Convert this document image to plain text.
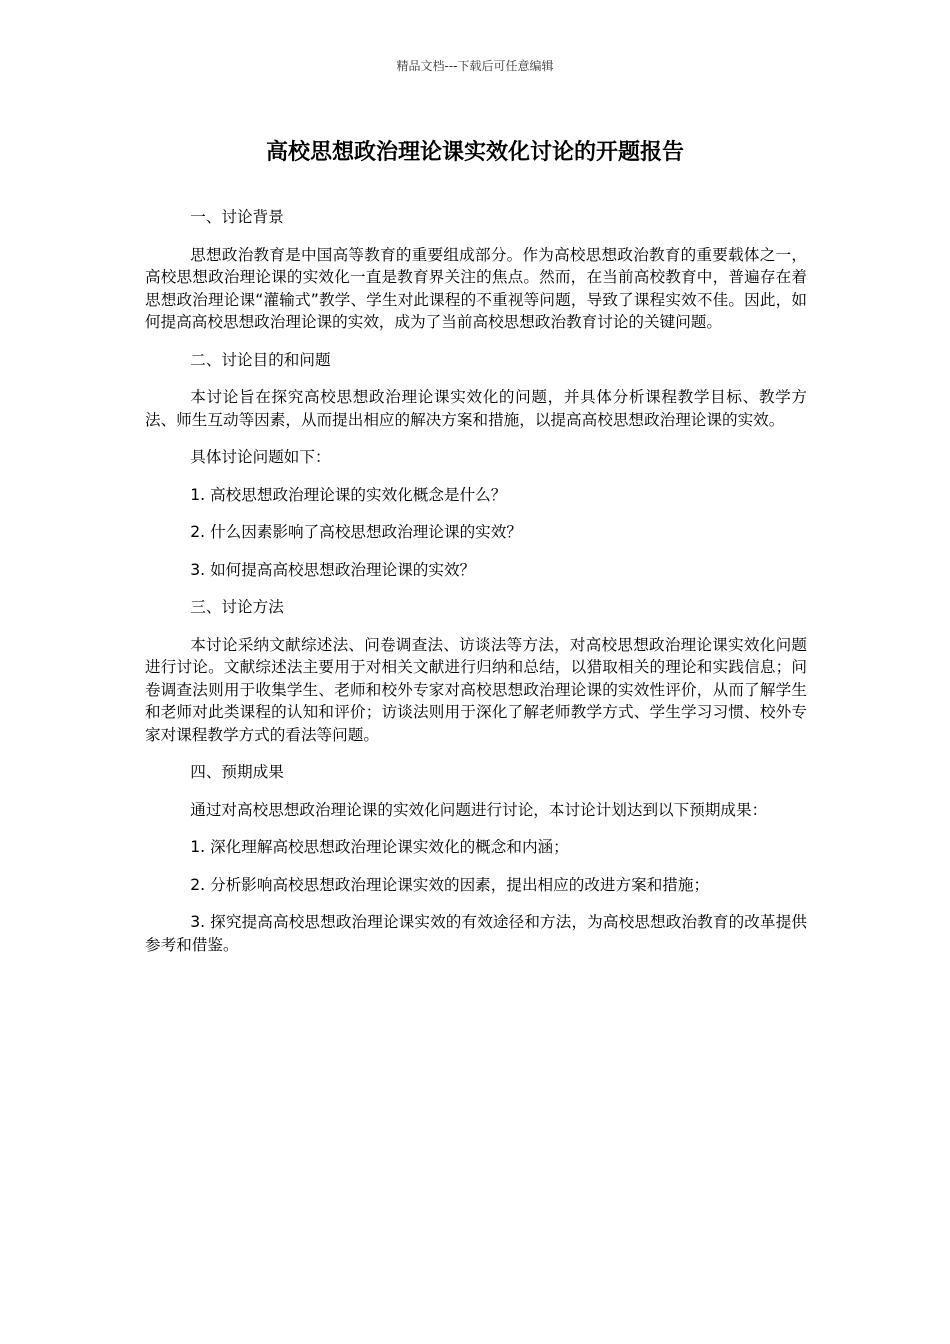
精品文档---下载后可任意编辑
高校思想政治理论课实效化讨论的开题报告

一、讨论背景

思想政治教育是中国高等教育的重要组成部分。作为高校思想政治教育的重要载体之一，高校思想政治理论课的实效化一直是教育界关注的焦点。然而，在当前高校教育中，普遍存在着思想政治理论课“灌输式”教学、学生对此课程的不重视等问题，导致了课程实效不佳。因此，如何提高高校思想政治理论课的实效，成为了当前高校思想政治教育讨论的关键问题。

二、讨论目的和问题

本讨论旨在探究高校思想政治理论课实效化的问题，并具体分析课程教学目标、教学方法、师生互动等因素，从而提出相应的解决方案和措施，以提高高校思想政治理论课的实效。

具体讨论问题如下：

1. 高校思想政治理论课的实效化概念是什么？

2. 什么因素影响了高校思想政治理论课的实效？

3. 如何提高高校思想政治理论课的实效？

三、讨论方法

本讨论采纳文献综述法、问卷调查法、访谈法等方法，对高校思想政治理论课实效化问题进行讨论。文献综述法主要用于对相关文献进行归纳和总结，以猎取相关的理论和实践信息；问卷调查法则用于收集学生、老师和校外专家对高校思想政治理论课的实效性评价，从而了解学生和老师对此类课程的认知和评价；访谈法则用于深化了解老师教学方式、学生学习习惯、校外专家对课程教学方式的看法等问题。

四、预期成果

通过对高校思想政治理论课的实效化问题进行讨论，本讨论计划达到以下预期成果：

1. 深化理解高校思想政治理论课实效化的概念和内涵；

2. 分析影响高校思想政治理论课实效的因素，提出相应的改进方案和措施；

3. 探究提高高校思想政治理论课实效的有效途径和方法，为高校思想政治教育的改革提供参考和借鉴。
